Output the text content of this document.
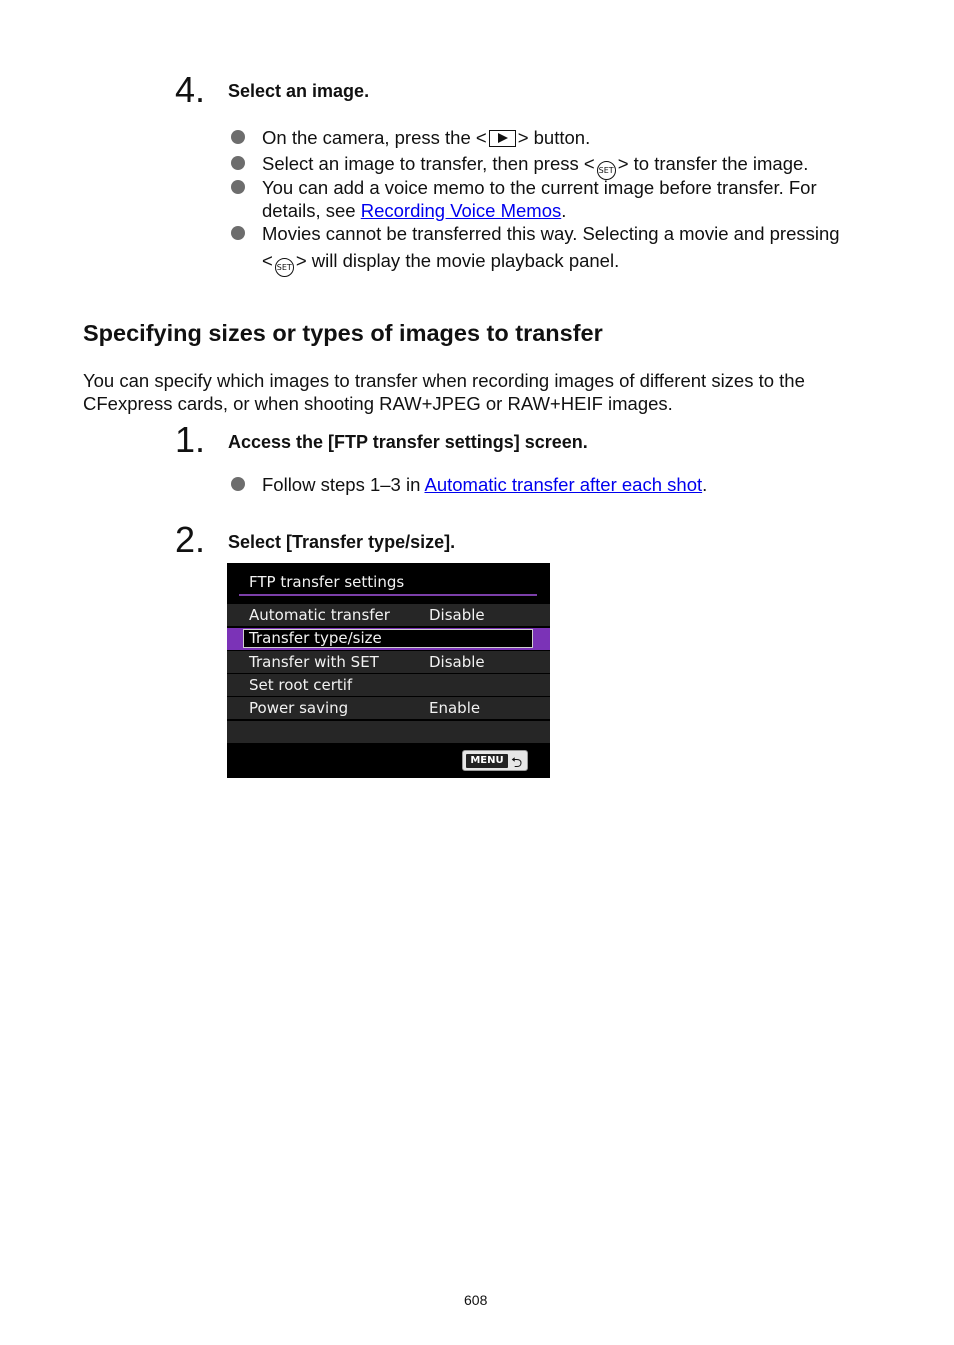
4. Select an image.
On the camera, press the < > button.
Select an image to transfer, then press < SET > to transfer the image.
You can add a voice memo to the current image before transfer. For
details, see Recording Voice Memos.
Movies cannot be transferred this way. Selecting a movie and pressing
< SET > will display the movie playback panel.
Specifying sizes or types of images to transfer
You can specify which images to transfer when recording images of different sizes to the
CFexpress cards, or when shooting RAW+JPEG or RAW+HEIF images.
1. Access the [FTP transfer settings] screen.
Follow steps 1–3 in Automatic transfer after each shot.
2. Select [Transfer type/size].
FTP transfer settings
Automatic transfer	Disable
Transfer type/size
Transfer with SET	Disable
Set root certif
Power saving	Enable
MENU ⮌
608
